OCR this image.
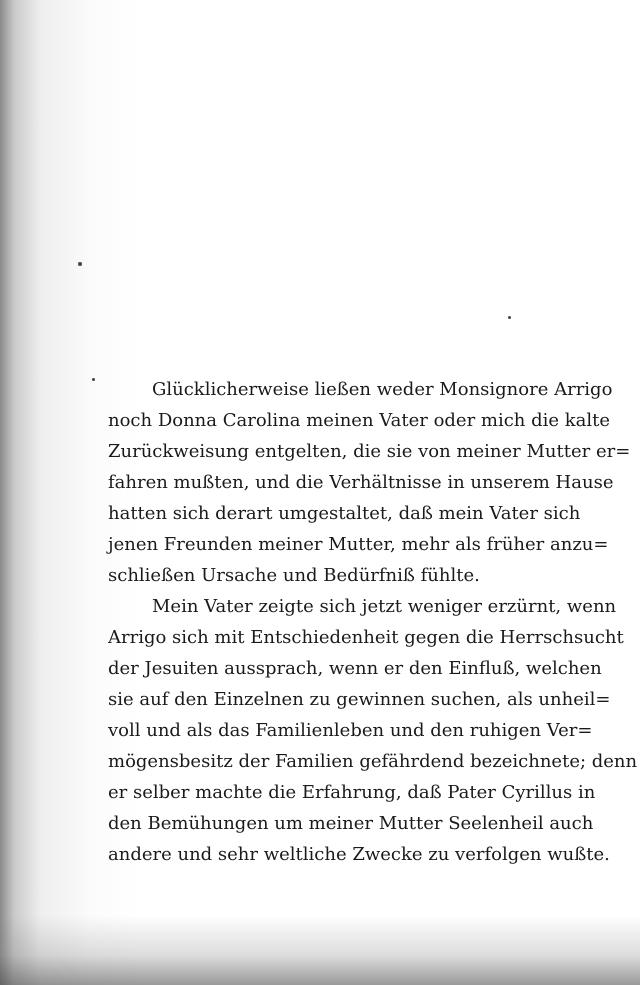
Glücklicherweise ließen weder Monsignore Arrigo
noch Donna Carolina meinen Vater oder mich die kalte
Zurückweisung entgelten, die sie von meiner Mutter er=
fahren mußten, und die Verhältnisse in unserem Hause
hatten sich derart umgestaltet, daß mein Vater sich
jenen Freunden meiner Mutter, mehr als früher anzu=
schließen Ursache und Bedürfniß fühlte.
Mein Vater zeigte sich jetzt weniger erzürnt, wenn
Arrigo sich mit Entschiedenheit gegen die Herrschsucht
der Jesuiten aussprach, wenn er den Einfluß, welchen
sie auf den Einzelnen zu gewinnen suchen, als unheil=
voll und als das Familienleben und den ruhigen Ver=
mögensbesitz der Familien gefährdend bezeichnete; denn
er selber machte die Erfahrung, daß Pater Cyrillus in
den Bemühungen um meiner Mutter Seelenheil auch
andere und sehr weltliche Zwecke zu verfolgen wußte.
